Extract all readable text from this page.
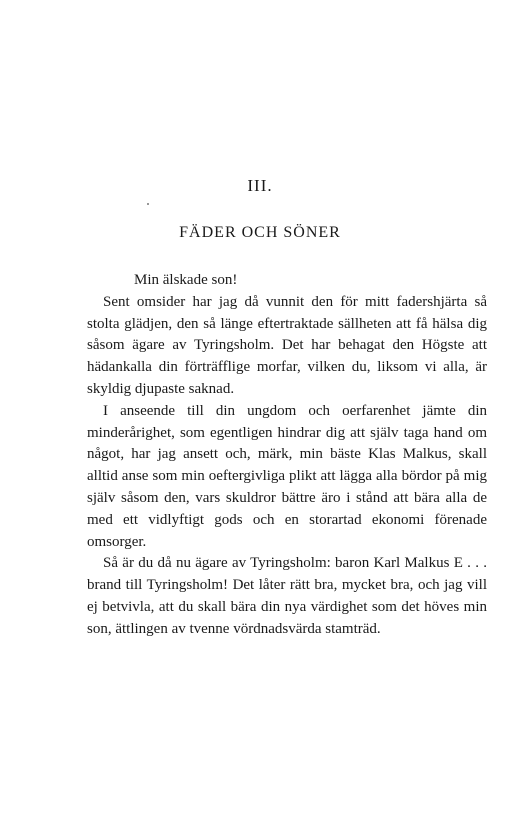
III.
FÄDER OCH SÖNER

Min älskade son!

Sent omsider har jag då vunnit den för mitt fadershjärta så stolta glädjen, den så länge eftertraktade sällheten att få hälsa dig såsom ägare av Tyringsholm. Det har behagat den Högste att hädankalla din förträfflige morfar, vilken du, liksom vi alla, är skyldig djupaste saknad.

I anseende till din ungdom och oerfarenhet jämte din minderårighet, som egentligen hindrar dig att själv taga hand om något, har jag ansett och, märk, min bäste Klas Malkus, skall alltid anse som min oeftergivliga plikt att lägga alla bördor på mig själv såsom den, vars skuldror bättre äro i stånd att bära alla de med ett vidlyftigt gods och en storartad ekonomi förenade omsorger.

Så är du då nu ägare av Tyringsholm: baron Karl Malkus E . . . brand till Tyringsholm! Det låter rätt bra, mycket bra, och jag vill ej betvivla, att du skall bära din nya värdighet som det höves min son, ättlingen av tvenne vördnadsvärda stamträd.
